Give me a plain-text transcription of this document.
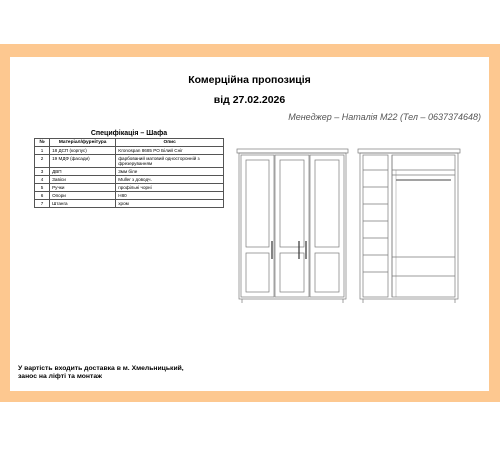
Комерційна пропозиція
від 27.02.2026
Менеджер – Наталія М22 (Тел – 0637374648)
Специфікація – Шафа
№	Матеріал/фурнітура	Опис
1	18 ДСП (корпус)	Kronospan 8685 PO Білий Сніг
2	19 МДФ (фасади)	фарбований матовий односторонній з фрезеруванням
3	ДВП	3мм біле
4	Завіси	Muller з доводч.
5	Ручки	профільні чорні
6	Опори	H80
7	Штанга	хром
У вартість входить доставка в м. Хмельницький,
занос на ліфті та монтаж
